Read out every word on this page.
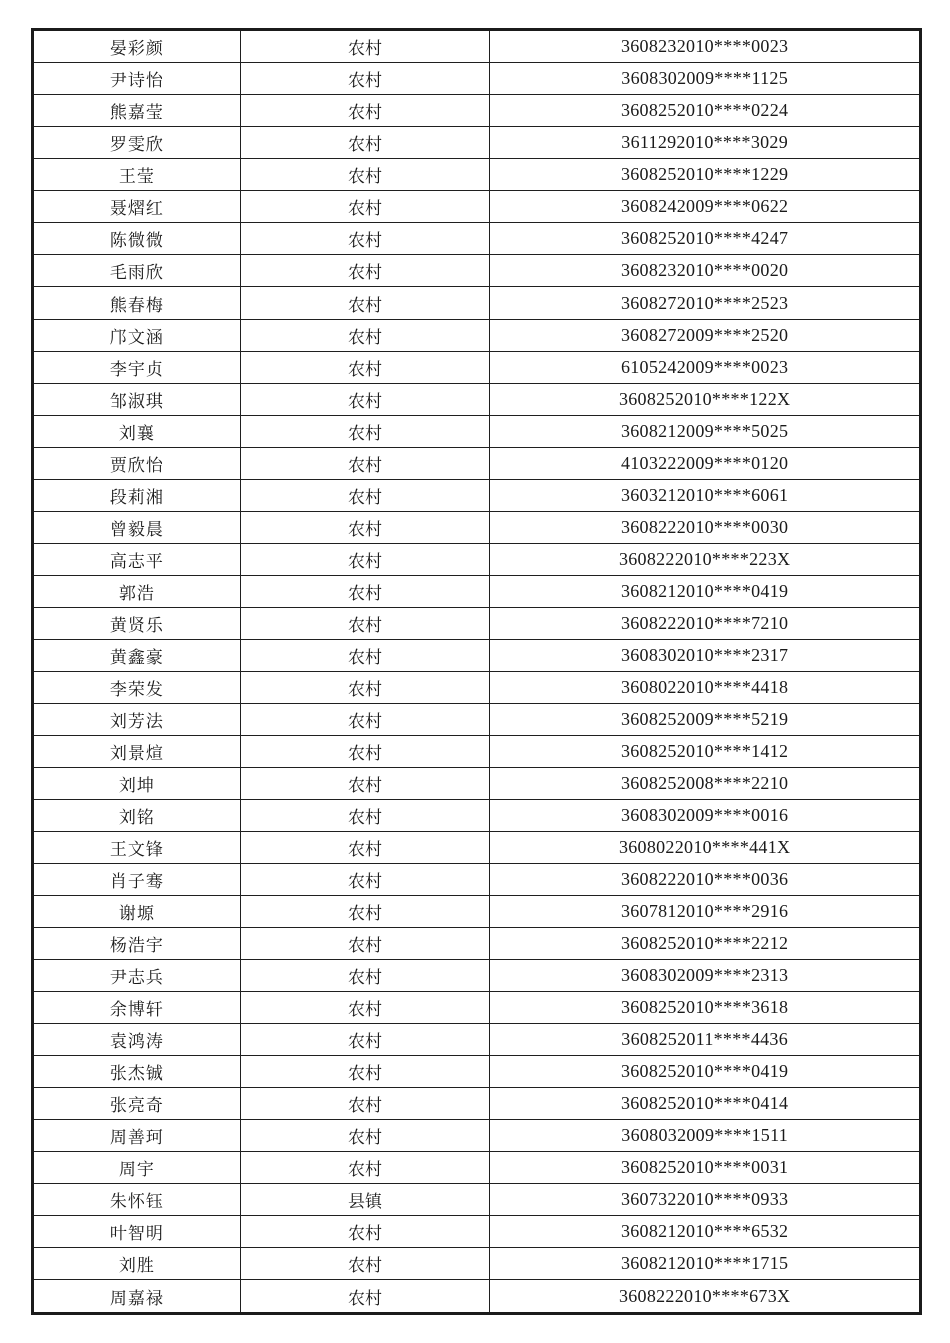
晏彩颜	农村	3608232010****0023
尹诗怡	农村	3608302009****1125
熊嘉莹	农村	3608252010****0224
罗雯欣	农村	3611292010****3029
王莹	农村	3608252010****1229
聂熠红	农村	3608242009****0622
陈微微	农村	3608252010****4247
毛雨欣	农村	3608232010****0020
熊春梅	农村	3608272010****2523
邝文涵	农村	3608272009****2520
李宇贞	农村	6105242009****0023
邹淑琪	农村	3608252010****122X
刘襄	农村	3608212009****5025
贾欣怡	农村	4103222009****0120
段莉湘	农村	3603212010****6061
曾毅晨	农村	3608222010****0030
高志平	农村	3608222010****223X
郭浩	农村	3608212010****0419
黄贤乐	农村	3608222010****7210
黄鑫豪	农村	3608302010****2317
李荣发	农村	3608022010****4418
刘芳法	农村	3608252009****5219
刘景煊	农村	3608252010****1412
刘坤	农村	3608252008****2210
刘铭	农村	3608302009****0016
王文锋	农村	3608022010****441X
肖子骞	农村	3608222010****0036
谢塬	农村	3607812010****2916
杨浩宇	农村	3608252010****2212
尹志兵	农村	3608302009****2313
余博轩	农村	3608252010****3618
袁鸿涛	农村	3608252011****4436
张杰铖	农村	3608252010****0419
张亮奇	农村	3608252010****0414
周善珂	农村	3608032009****1511
周宇	农村	3608252010****0031
朱怀钰	县镇	3607322010****0933
叶智明	农村	3608212010****6532
刘胜	农村	3608212010****1715
周嘉禄	农村	3608222010****673X
